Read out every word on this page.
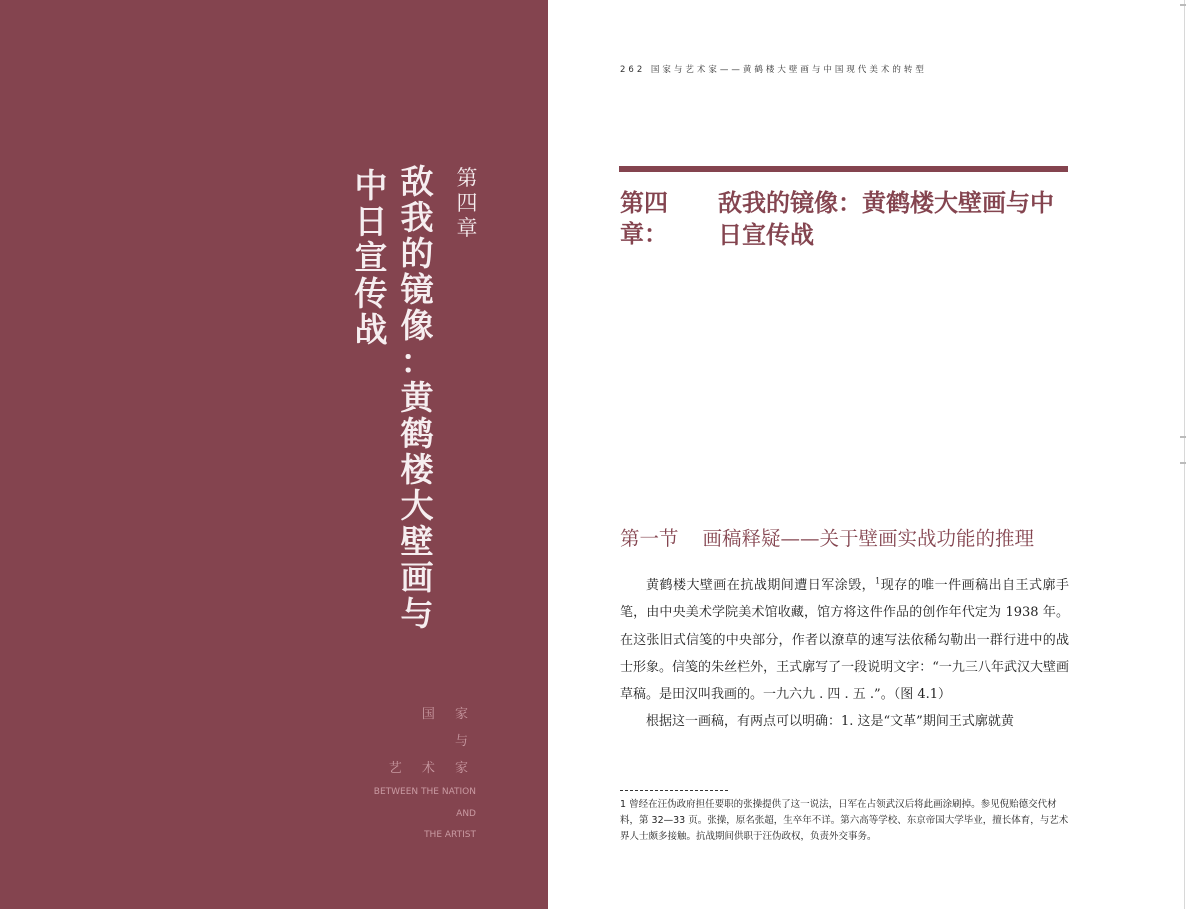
第
四
章
敌
我
的
镜
像
：
黄
鹤
楼
大
壁
画
与
中
日
宣
传
战
国 家
与
艺 术 家
BETWEEN THE NATION
AND
THE ARTIST
262 国家与艺术家——黄鹤楼大壁画与中国现代美术的转型
第四章：
敌我的镜像：黄鹤楼大壁画与中日宣传战
第一节 画稿释疑——关于壁画实战功能的推理

黄鹤楼大壁画在抗战期间遭日军涂毁，$^1$现存的唯一件画稿出自王式廓手笔，由中央美术学院美术馆收藏，馆方将这件作品的创作年代定为 1938 年。在这张旧式信笺的中央部分，作者以潦草的速写法依稀勾勒出一群行进中的战士形象。信笺的朱丝栏外，王式廓写了一段说明文字：“一九三八年武汉大壁画草稿。是田汉叫我画的。一九六九 . 四 . 五 .”。（图 4.1）

根据这一画稿，有两点可以明确：1. 这是“文革”期间王式廓就黄

1 曾经在汪伪政府担任要职的张操提供了这一说法，日军在占领武汉后将此画涂刷掉。参见倪贻德交代材料，第 32—33 页。张操，原名张超，生卒年不详。第六高等学校、东京帝国大学毕业，擅长体育，与艺术界人士颇多接触。抗战期间供职于汪伪政权，负责外交事务。
